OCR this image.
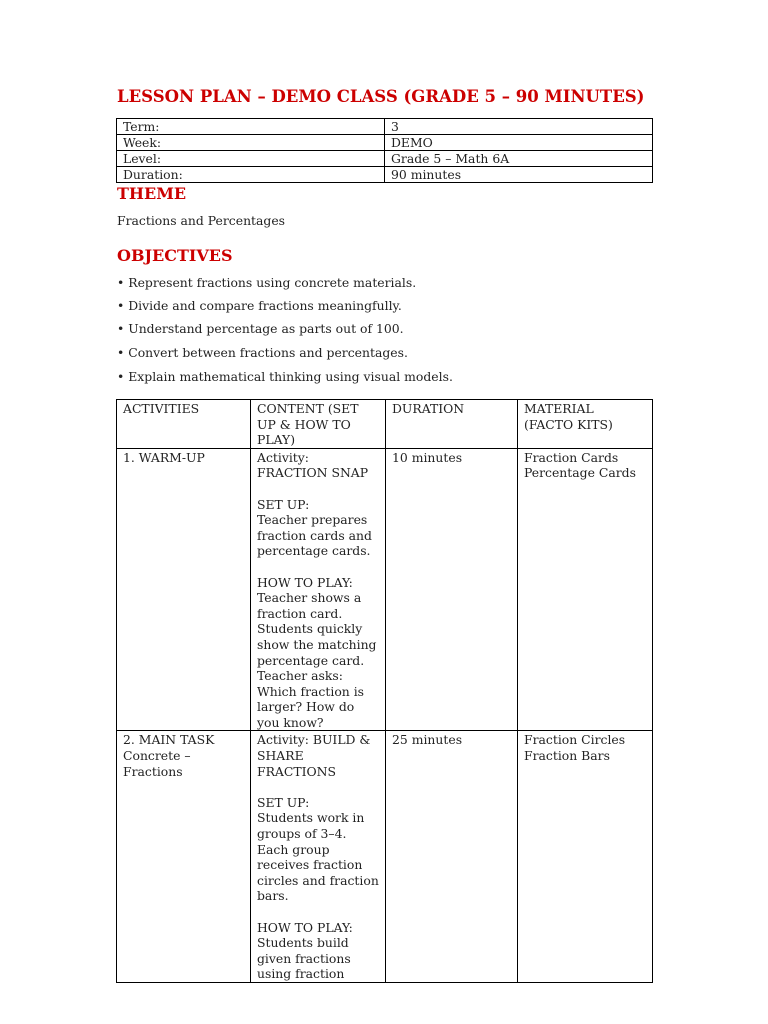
LESSON PLAN – DEMO CLASS (GRADE 5 – 90 MINUTES)
Term:	3
Week:	DEMO
Level:	Grade 5 – Math 6A
Duration:	90 minutes
THEME
Fractions and Percentages
OBJECTIVES
• Represent fractions using concrete materials.
• Divide and compare fractions meaningfully.
• Understand percentage as parts out of 100.
• Convert between fractions and percentages.
• Explain mathematical thinking using visual models.
ACTIVITIES	CONTENT (SET UP & HOW TO PLAY)	DURATION	MATERIAL (FACTO KITS)
1. WARM-UP	Activity: FRACTION SNAP

SET UP:
Teacher prepares fraction cards and percentage cards.

HOW TO PLAY:
Teacher shows a fraction card. Students quickly show the matching percentage card. Teacher asks: Which fraction is larger? How do you know?	10 minutes	Fraction Cards
Percentage Cards
2. MAIN TASK Concrete – Fractions	Activity: BUILD & SHARE FRACTIONS

SET UP:
Students work in groups of 3–4. Each group receives fraction circles and fraction bars.

HOW TO PLAY:
Students build given fractions using fraction	25 minutes	Fraction Circles
Fraction Bars
